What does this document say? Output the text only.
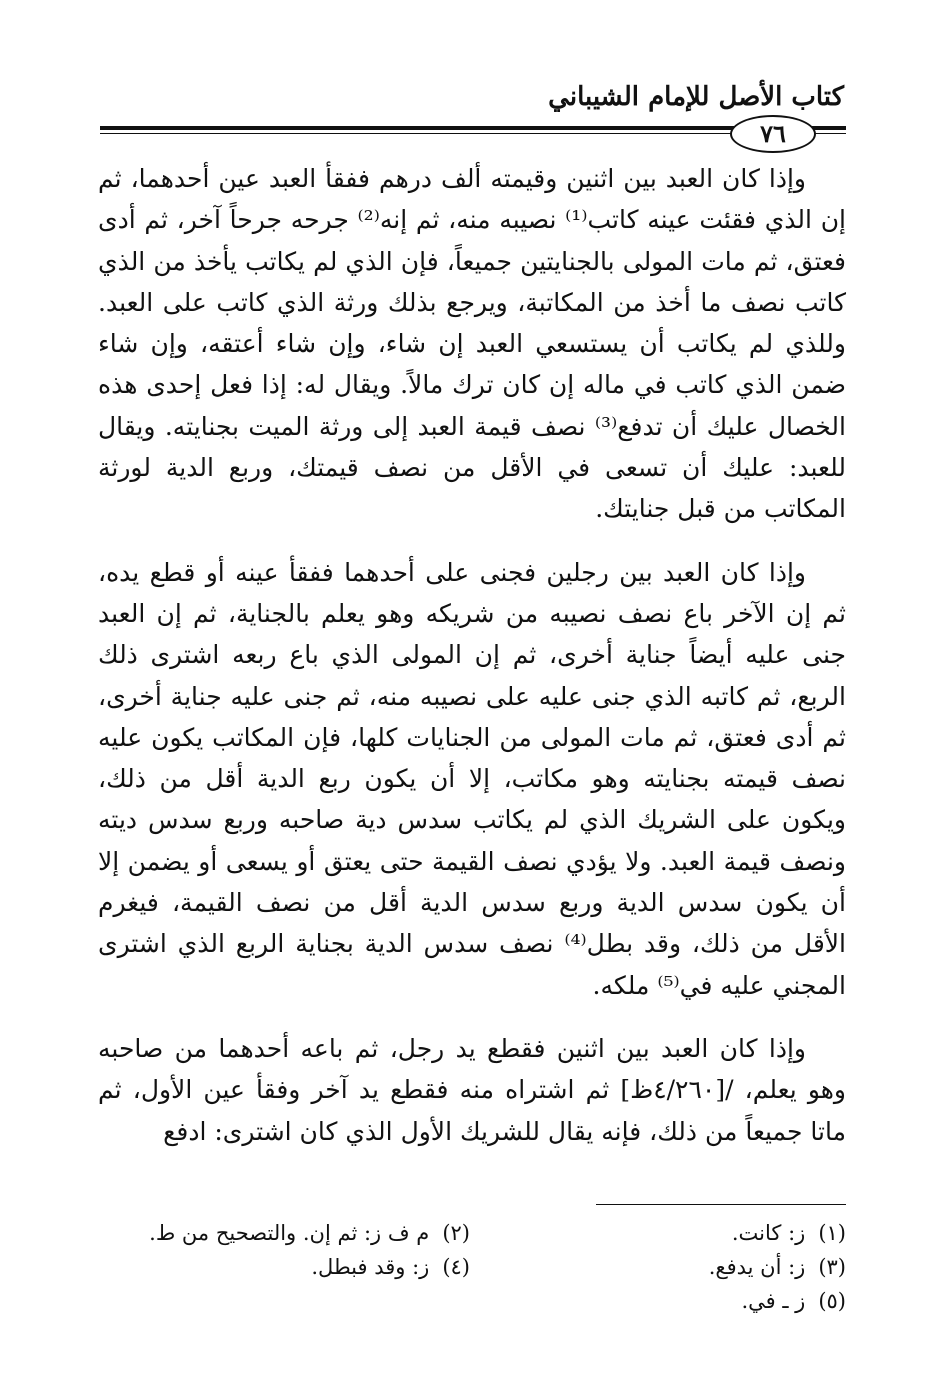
كتاب الأصل للإمام الشيباني
٧٦

وإذا كان العبد بين اثنين وقيمته ألف درهم ففقأ العبد عين أحدهما، ثم إن الذي فقئت عينه كاتب⁽¹⁾ نصيبه منه، ثم إنه⁽²⁾ جرحه جرحاً آخر، ثم أدى فعتق، ثم مات المولى بالجنايتين جميعاً، فإن الذي لم يكاتب يأخذ من الذي كاتب نصف ما أخذ من المكاتبة، ويرجع بذلك ورثة الذي كاتب على العبد. وللذي لم يكاتب أن يستسعي العبد إن شاء، وإن شاء أعتقه، وإن شاء ضمن الذي كاتب في ماله إن كان ترك مالاً. ويقال له: إذا فعل إحدى هذه الخصال عليك أن تدفع⁽³⁾ نصف قيمة العبد إلى ورثة الميت بجنايته. ويقال للعبد: عليك أن تسعى في الأقل من نصف قيمتك، وربع الدية لورثة المكاتب من قبل جنايتك.

وإذا كان العبد بين رجلين فجنى على أحدهما ففقأ عينه أو قطع يده، ثم إن الآخر باع نصف نصيبه من شريكه وهو يعلم بالجناية، ثم إن العبد جنى عليه أيضاً جناية أخرى، ثم إن المولى الذي باع ربعه اشترى ذلك الربع، ثم كاتبه الذي جنى عليه على نصيبه منه، ثم جنى عليه جناية أخرى، ثم أدى فعتق، ثم مات المولى من الجنايات كلها، فإن المكاتب يكون عليه نصف قيمته بجنايته وهو مكاتب، إلا أن يكون ربع الدية أقل من ذلك، ويكون على الشريك الذي لم يكاتب سدس دية صاحبه وربع سدس ديته ونصف قيمة العبد. ولا يؤدي نصف القيمة حتى يعتق أو يسعى أو يضمن إلا أن يكون سدس الدية وربع سدس الدية أقل من نصف القيمة، فيغرم الأقل من ذلك، وقد بطل⁽⁴⁾ نصف سدس الدية بجناية الربع الذي اشترى المجني عليه في⁽⁵⁾ ملكه.

وإذا كان العبد بين اثنين فقطع يد رجل، ثم باعه أحدهما من صاحبه وهو يعلم، /[٤/٢٦٠ظ] ثم اشتراه منه فقطع يد آخر وفقأ عين الأول، ثم ماتا جميعاً من ذلك، فإنه يقال للشريك الأول الذي كان اشترى: ادفع

(١) ز: كانت.
(٢) م ف ز: ثم إن. والتصحيح من ط.
(٣) ز: أن يدفع.
(٤) ز: وقد فبطل.
(٥) ز ـ في.
